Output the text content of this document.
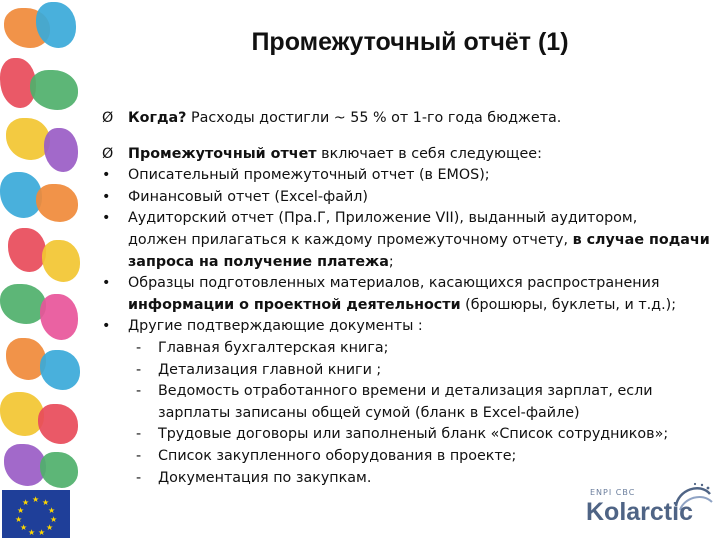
★ ★
★
★
★
★
★
★
★
★
★
Промежуточный отчёт (1)
Ø Когда? Расходы достигли ~ 55 % от 1-го года бюджета.
Ø Промежуточный отчет включает в себя следующее:
• Описательный промежуточный отчет (в EMOS);
• Финансовый отчет (Excel-файл)
• Аудиторский отчет (Пра.Г, Приложение VII), выданный аудитором,
должен прилагаться к каждому промежуточному отчету, в случае подачи
запроса на получение платежа;
• Образцы подготовленных материалов, касающихся распространения
информации о проектной деятельности (брошюры, буклеты, и т.д.);
• Другие подтверждающие документы :
- Главная бухгалтерская книга;
- Детализация главной книги ;
- Ведомость отработанного времени и детализация зарплат, если
зарплаты записаны общей сумой (бланк в Excel-файле)
- Трудовые договоры или заполненый бланк «Список сотрудников»;
- Список закупленного оборудования в проекте;
- Документация по закупкам.
ENPI CBC
Kolarctic
